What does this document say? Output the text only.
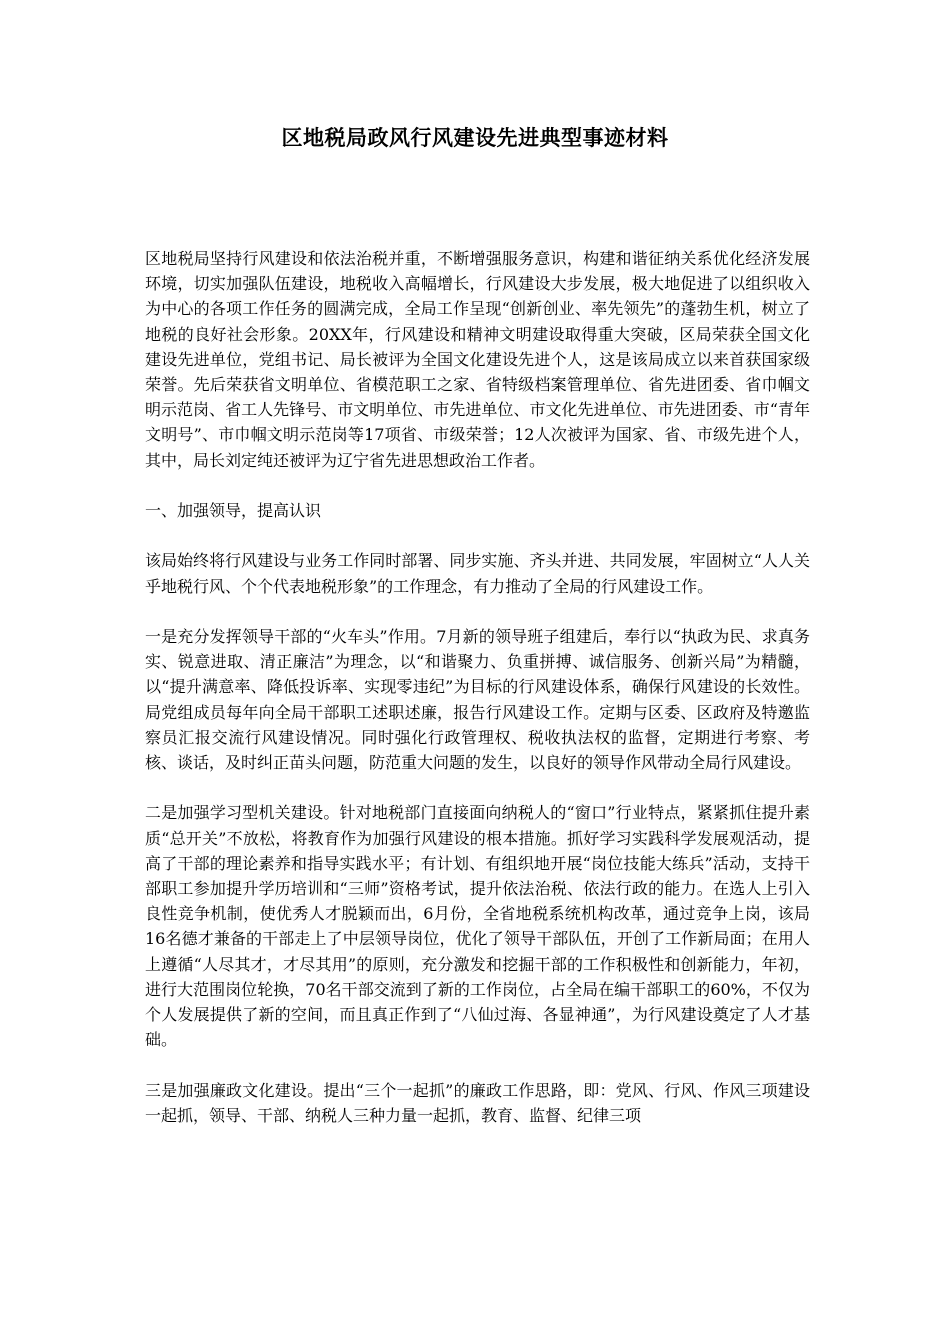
区地税局政风行风建设先进典型事迹材料

区地税局坚持行风建设和依法治税并重，不断增强服务意识，构建和谐征纳关系优化经济发展环境，切实加强队伍建设，地税收入高幅增长，行风建设大步发展，极大地促进了以组织收入为中心的各项工作任务的圆满完成，全局工作呈现“创新创业、率先领先”的蓬勃生机，树立了地税的良好社会形象。20XX年，行风建设和精神文明建设取得重大突破，区局荣获全国文化建设先进单位，党组书记、局长被评为全国文化建设先进个人，这是该局成立以来首获国家级荣誉。先后荣获省文明单位、省模范职工之家、省特级档案管理单位、省先进团委、省巾帼文明示范岗、省工人先锋号、市文明单位、市先进单位、市文化先进单位、市先进团委、市“青年文明号”、市巾帼文明示范岗等17项省、市级荣誉；12人次被评为国家、省、市级先进个人，其中，局长刘定纯还被评为辽宁省先进思想政治工作者。

一、加强领导，提高认识

该局始终将行风建设与业务工作同时部署、同步实施、齐头并进、共同发展，牢固树立“人人关乎地税行风、个个代表地税形象”的工作理念，有力推动了全局的行风建设工作。

一是充分发挥领导干部的“火车头”作用。7月新的领导班子组建后，奉行以“执政为民、求真务实、锐意进取、清正廉洁”为理念，以“和谐聚力、负重拼搏、诚信服务、创新兴局”为精髓，以“提升满意率、降低投诉率、实现零违纪”为目标的行风建设体系，确保行风建设的长效性。局党组成员每年向全局干部职工述职述廉，报告行风建设工作。定期与区委、区政府及特邀监察员汇报交流行风建设情况。同时强化行政管理权、税收执法权的监督，定期进行考察、考核、谈话，及时纠正苗头问题，防范重大问题的发生，以良好的领导作风带动全局行风建设。

二是加强学习型机关建设。针对地税部门直接面向纳税人的“窗口”行业特点，紧紧抓住提升素质“总开关”不放松，将教育作为加强行风建设的根本措施。抓好学习实践科学发展观活动，提高了干部的理论素养和指导实践水平；有计划、有组织地开展“岗位技能大练兵”活动，支持干部职工参加提升学历培训和“三师”资格考试，提升依法治税、依法行政的能力。在选人上引入良性竞争机制，使优秀人才脱颖而出，6月份，全省地税系统机构改革，通过竞争上岗，该局16名德才兼备的干部走上了中层领导岗位，优化了领导干部队伍，开创了工作新局面；在用人上遵循“人尽其才，才尽其用”的原则，充分激发和挖掘干部的工作积极性和创新能力，年初，进行大范围岗位轮换，70名干部交流到了新的工作岗位，占全局在编干部职工的60%，不仅为个人发展提供了新的空间，而且真正作到了“八仙过海、各显神通”，为行风建设奠定了人才基础。

三是加强廉政文化建设。提出“三个一起抓”的廉政工作思路，即：党风、行风、作风三项建设一起抓，领导、干部、纳税人三种力量一起抓，教育、监督、纪律三项
